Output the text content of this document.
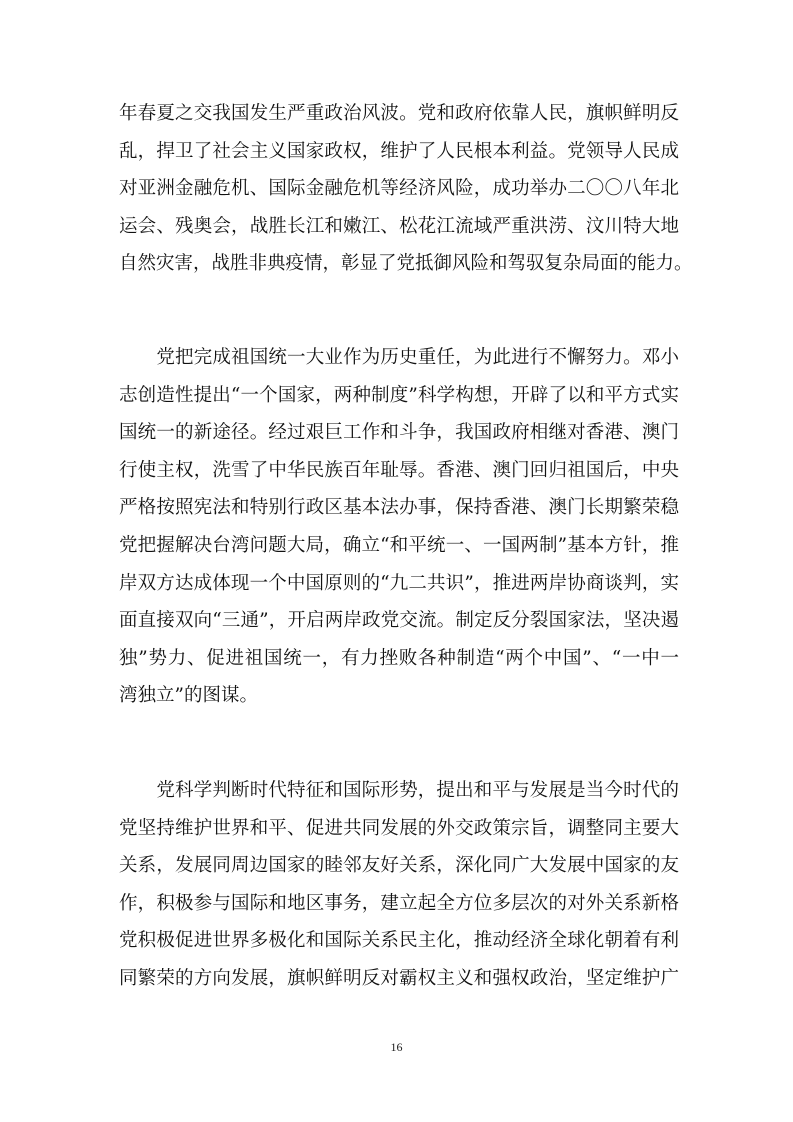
年春夏之交我国发生严重政治风波。党和政府依靠人民，旗帜鲜明反
乱，捍卫了社会主义国家政权，维护了人民根本利益。党领导人民成
对亚洲金融危机、国际金融危机等经济风险，成功举办二〇〇八年北
运会、残奥会，战胜长江和嫩江、松花江流域严重洪涝、汶川特大地
自然灾害，战胜非典疫情，彰显了党抵御风险和驾驭复杂局面的能力。
　　党把完成祖国统一大业作为历史重任，为此进行不懈努力。邓小
志创造性提出“一个国家，两种制度”科学构想，开辟了以和平方式实
国统一的新途径。经过艰巨工作和斗争，我国政府相继对香港、澳门
行使主权，洗雪了中华民族百年耻辱。香港、澳门回归祖国后，中央
严格按照宪法和特别行政区基本法办事，保持香港、澳门长期繁荣稳
党把握解决台湾问题大局，确立“和平统一、一国两制”基本方针，推
岸双方达成体现一个中国原则的“九二共识”，推进两岸协商谈判，实
面直接双向“三通”，开启两岸政党交流。制定反分裂国家法，坚决遏
独”势力、促进祖国统一，有力挫败各种制造“两个中国”、“一中一
湾独立”的图谋。
　　党科学判断时代特征和国际形势，提出和平与发展是当今时代的
党坚持维护世界和平、促进共同发展的外交政策宗旨，调整同主要大
关系，发展同周边国家的睦邻友好关系，深化同广大发展中国家的友
作，积极参与国际和地区事务，建立起全方位多层次的对外关系新格
党积极促进世界多极化和国际关系民主化，推动经济全球化朝着有利
同繁荣的方向发展，旗帜鲜明反对霸权主义和强权政治，坚定维护广
16
